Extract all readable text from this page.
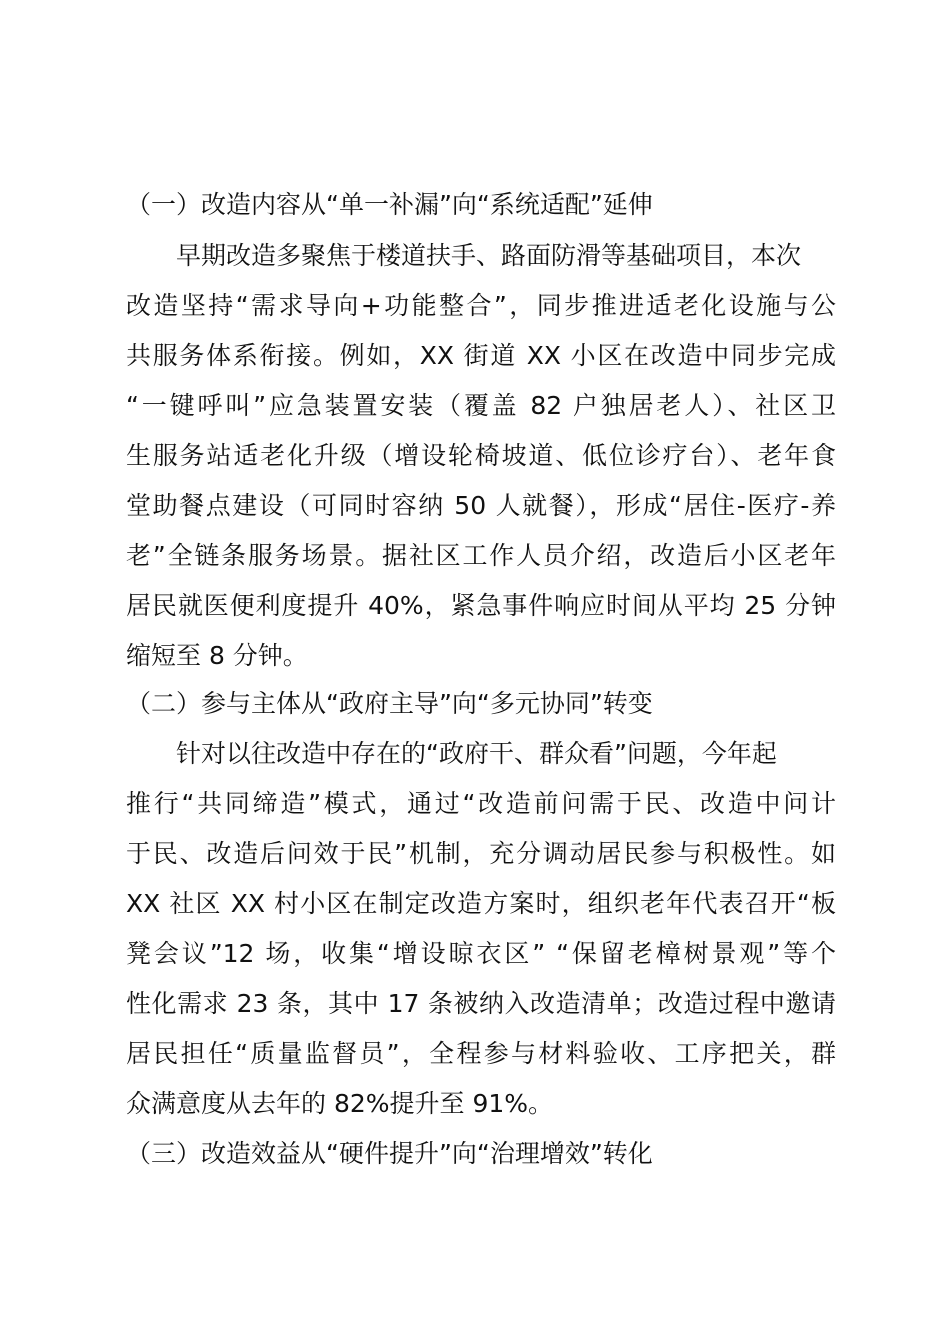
（一）改造内容从“单一补漏”向“系统适配”延伸
早期改造多聚焦于楼道扶手、路面防滑等基础项目，本次
改造坚持“需求导向+功能整合”，同步推进适老化设施与公
共服务体系衔接。例如，XX 街道 XX 小区在改造中同步完成
“一键呼叫”应急装置安装（覆盖 82 户独居老人）、社区卫
生服务站适老化升级（增设轮椅坡道、低位诊疗台）、老年食
堂助餐点建设（可同时容纳 50 人就餐），形成“居住-医疗-养
老”全链条服务场景。据社区工作人员介绍，改造后小区老年
居民就医便利度提升 40%，紧急事件响应时间从平均 25 分钟
缩短至 8 分钟。
（二）参与主体从“政府主导”向“多元协同”转变
针对以往改造中存在的“政府干、群众看”问题，今年起
推行“共同缔造”模式，通过“改造前问需于民、改造中问计
于民、改造后问效于民”机制，充分调动居民参与积极性。如
XX 社区 XX 村小区在制定改造方案时，组织老年代表召开“板
凳会议”12 场，收集“增设晾衣区” “保留老樟树景观”等个
性化需求 23 条，其中 17 条被纳入改造清单；改造过程中邀请
居民担任“质量监督员”，全程参与材料验收、工序把关，群
众满意度从去年的 82%提升至 91%。
（三）改造效益从“硬件提升”向“治理增效”转化
